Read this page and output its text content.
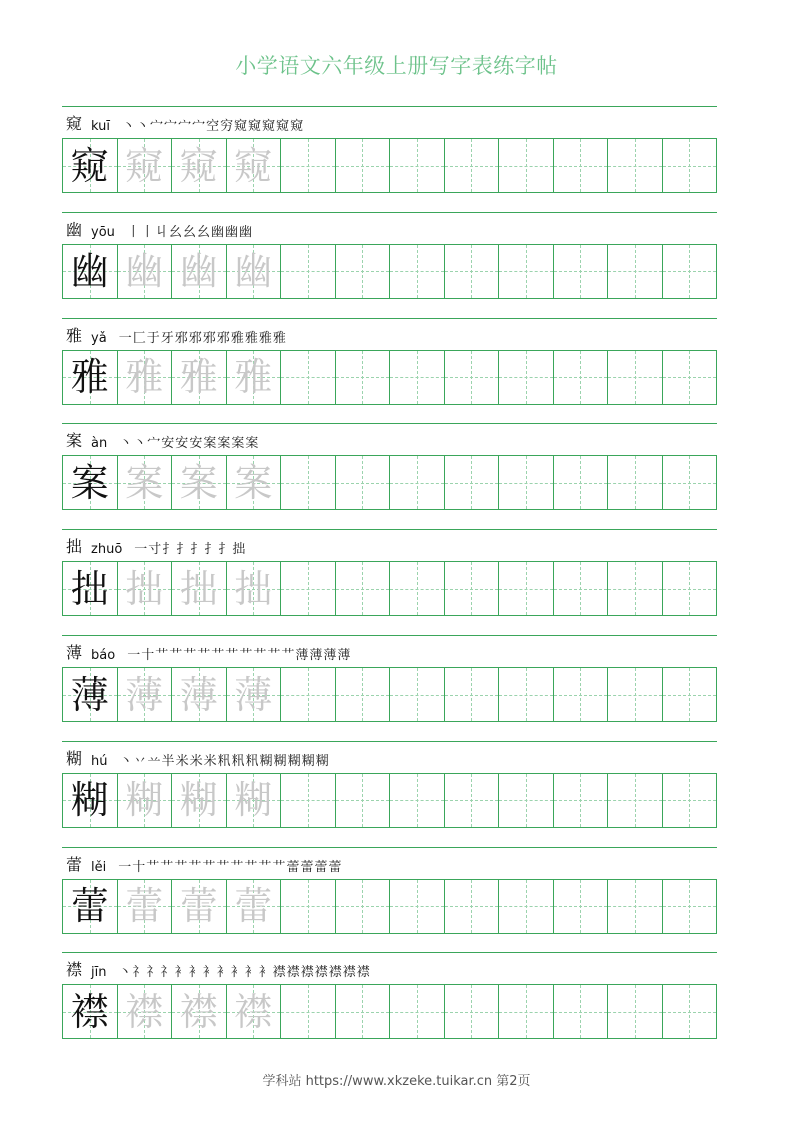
小学语文六年级上册写字表练字帖
窥 kuī 丶 丶 宀 宀 宀 宀 空 穷 窥 窥 窥 窥 窥
窥 窥 窥 窥
幽 yōu 丨 丨 丩 幺 幺 幺 幽 幽 幽
幽 幽 幽 幽
雅 yǎ 一 匚 于 牙 邪 邪 邪 邪 雅 雅 雅 雅
雅 雅 雅 雅
案 àn 丶 丶 宀 安 安 安 案 案 案 案
案 案 案 案
拙 zhuō 一 寸 扌 扌 扌 扌 扌 拙
拙 拙 拙 拙
薄 báo 一 十 艹 艹 艹 艹 艹 艹 艹 艹 艹 艹 薄 薄 薄 薄
薄 薄 薄 薄
糊 hú 丶 丷 䒑 半 米 米 米 籸 籸 籸 糊 糊 糊 糊 糊
糊 糊 糊 糊
蕾 lěi 一 十 艹 艹 艹 艹 艹 艹 艹 艹 艹 艹 蕾 蕾 蕾 蕾
蕾 蕾 蕾 蕾
襟 jīn 丶 礻 礻 礻 衤 衤 衤 衤 衤 衤 衤 襟 襟 襟 襟 襟 襟 襟
襟 襟 襟 襟
学科站 https://www.xkzeke.tuikar.cn 第2页
